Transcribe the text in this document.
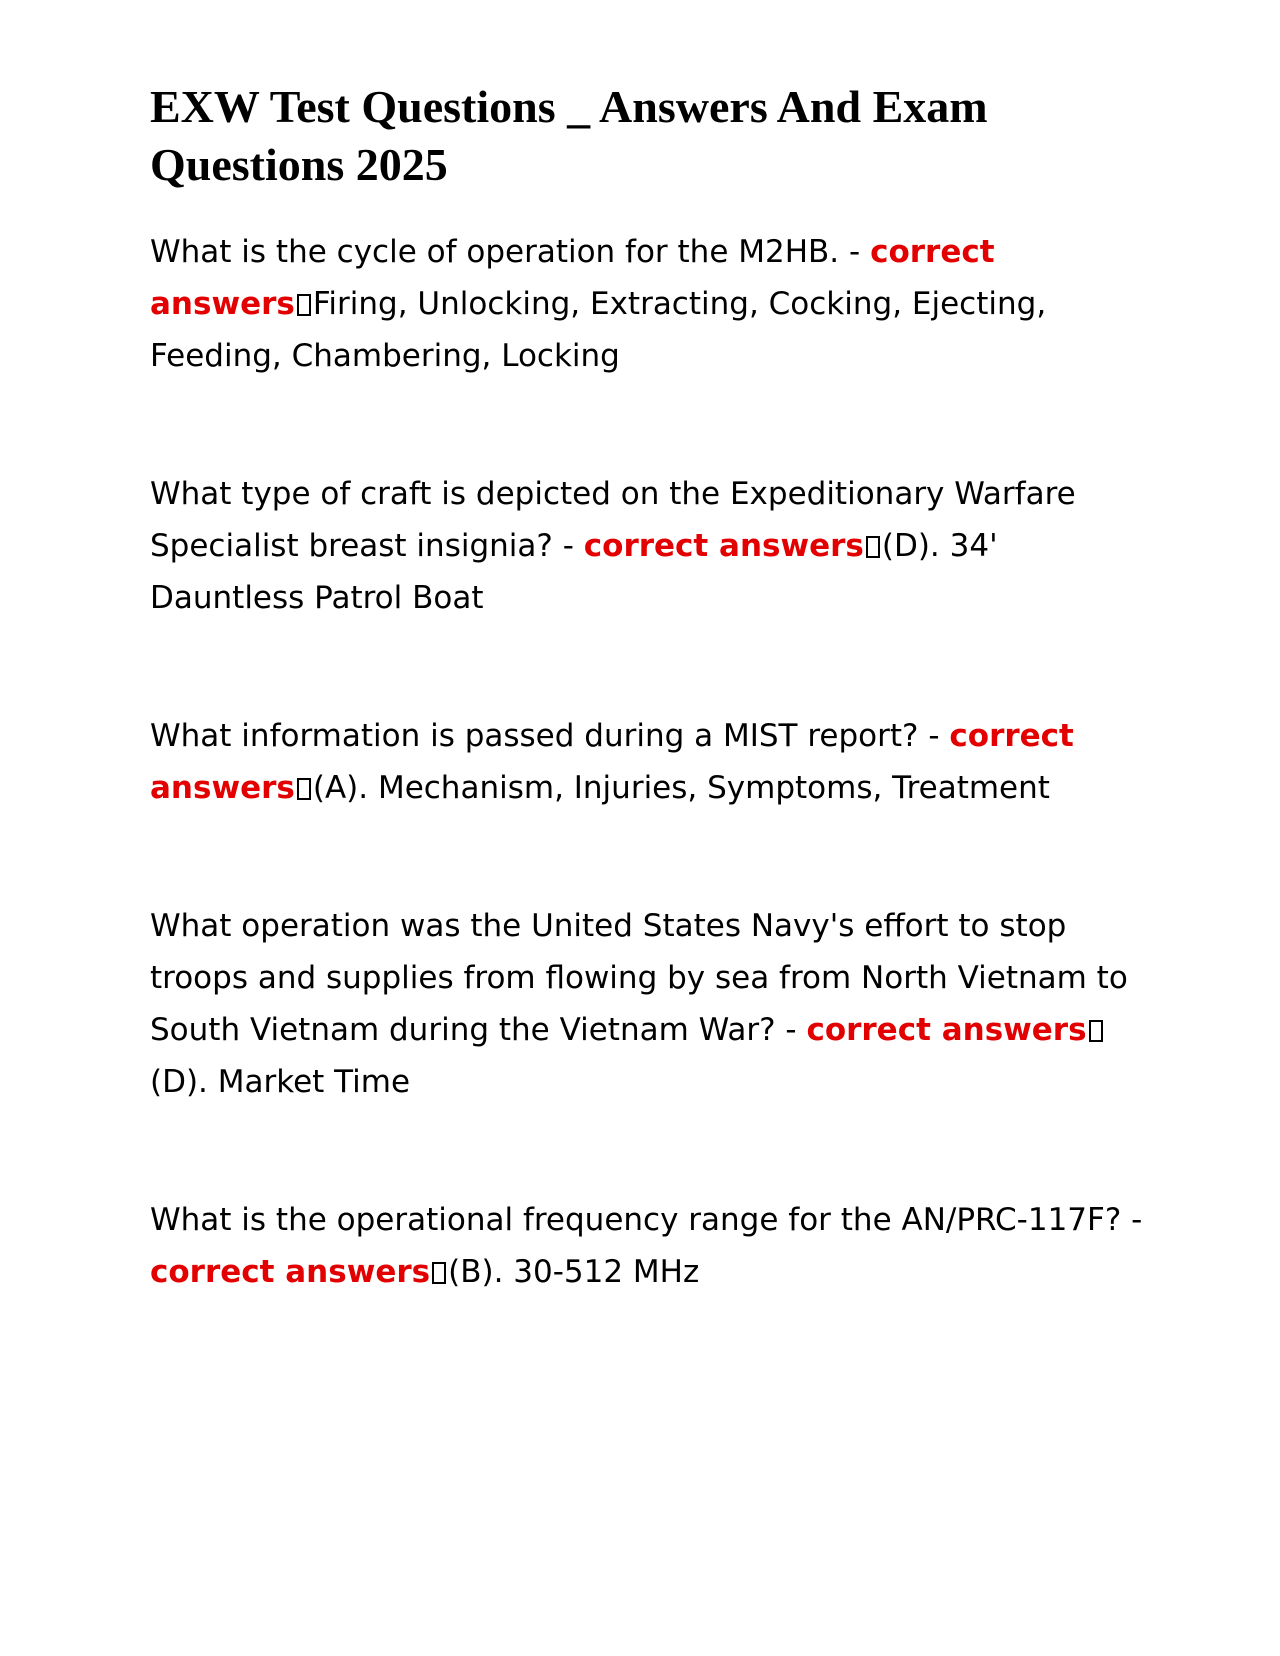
EXW Test Questions _ Answers And Exam Questions 2025

What is the cycle of operation for the M2HB. - correct answers Firing, Unlocking, Extracting, Cocking, Ejecting, Feeding, Chambering, Locking

What type of craft is depicted on the Expeditionary Warfare Specialist breast insignia? - correct answers (D). 34' Dauntless Patrol Boat

What information is passed during a MIST report? - correct answers (A). Mechanism, Injuries, Symptoms, Treatment

What operation was the United States Navy's effort to stop troops and supplies from flowing by sea from North Vietnam to South Vietnam during the Vietnam War? - correct answers(D). Market Time

What is the operational frequency range for the AN/PRC-117F? - correct answers (B). 30-512 MHz
